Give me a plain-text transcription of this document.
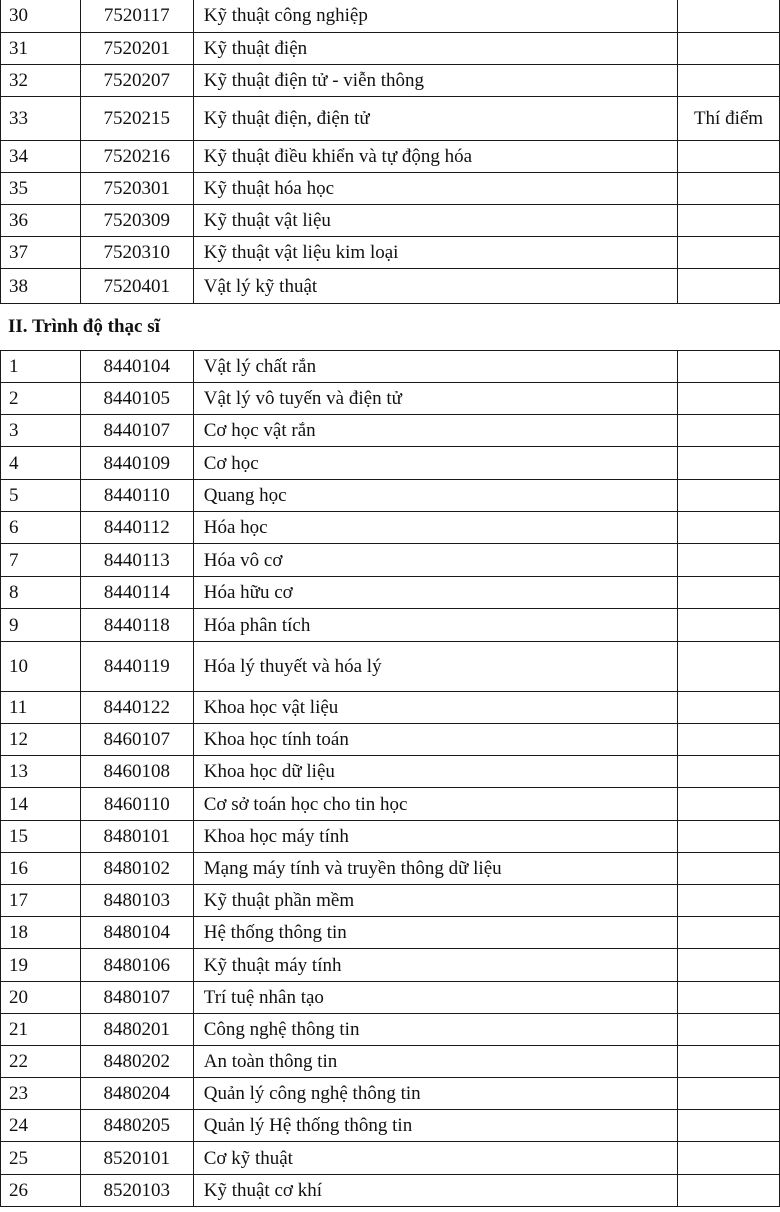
30	7520117	Kỹ thuật công nghiệp	
31	7520201	Kỹ thuật điện	
32	7520207	Kỹ thuật điện tử - viễn thông	
33	7520215	Kỹ thuật điện, điện tử	Thí điểm
34	7520216	Kỹ thuật điều khiển và tự động hóa	
35	7520301	Kỹ thuật hóa học	
36	7520309	Kỹ thuật vật liệu	
37	7520310	Kỹ thuật vật liệu kim loại	
38	7520401	Vật lý kỹ thuật	
II. Trình độ thạc sĩ
1	8440104	Vật lý chất rắn	
2	8440105	Vật lý vô tuyến và điện tử	
3	8440107	Cơ học vật rắn	
4	8440109	Cơ học	
5	8440110	Quang học	
6	8440112	Hóa học	
7	8440113	Hóa vô cơ	
8	8440114	Hóa hữu cơ	
9	8440118	Hóa phân tích	
10	8440119	Hóa lý thuyết và hóa lý	
11	8440122	Khoa học vật liệu	
12	8460107	Khoa học tính toán	
13	8460108	Khoa học dữ liệu	
14	8460110	Cơ sở toán học cho tin học	
15	8480101	Khoa học máy tính	
16	8480102	Mạng máy tính và truyền thông dữ liệu	
17	8480103	Kỹ thuật phần mềm	
18	8480104	Hệ thống thông tin	
19	8480106	Kỹ thuật máy tính	
20	8480107	Trí tuệ nhân tạo	
21	8480201	Công nghệ thông tin	
22	8480202	An toàn thông tin	
23	8480204	Quản lý công nghệ thông tin	
24	8480205	Quản lý Hệ thống thông tin	
25	8520101	Cơ kỹ thuật	
26	8520103	Kỹ thuật cơ khí	
